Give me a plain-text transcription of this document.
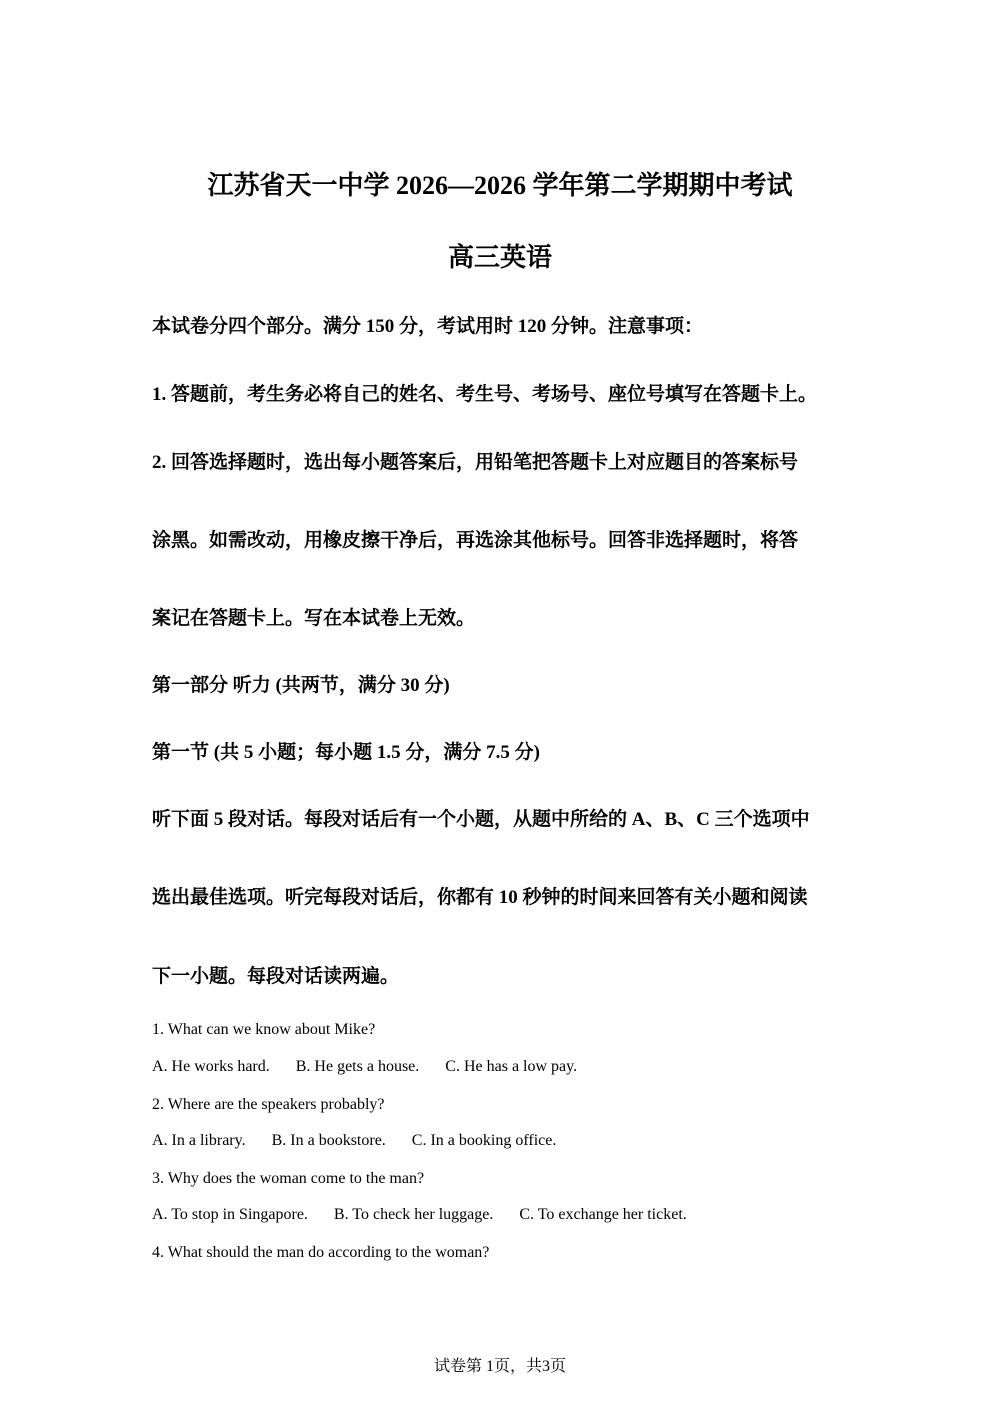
江苏省天一中学 2026—2026 学年第二学期期中考试
高三英语
本试卷分四个部分。满分 150 分，考试用时 120 分钟。注意事项：
1. 答题前，考生务必将自己的姓名、考生号、考场号、座位号填写在答题卡上。
2. 回答选择题时，选出每小题答案后，用铅笔把答题卡上对应题目的答案标号
涂黑。如需改动，用橡皮擦干净后，再选涂其他标号。回答非选择题时，将答
案记在答题卡上。写在本试卷上无效。
第一部分 听力 (共两节，满分 30 分)
第一节 (共 5 小题；每小题 1.5 分，满分 7.5 分)
听下面 5 段对话。每段对话后有一个小题，从题中所给的 A、B、C 三个选项中
选出最佳选项。听完每段对话后，你都有 10 秒钟的时间来回答有关小题和阅读
下一小题。每段对话读两遍。
1. What can we know about Mike?
A. He works hard. B. He gets a house. C. He has a low pay.
2. Where are the speakers probably?
A. In a library. B. In a bookstore. C. In a booking office.
3. Why does the woman come to the man?
A. To stop in Singapore. B. To check her luggage. C. To exchange her ticket.
4. What should the man do according to the woman?
试卷第 1页，共3页
